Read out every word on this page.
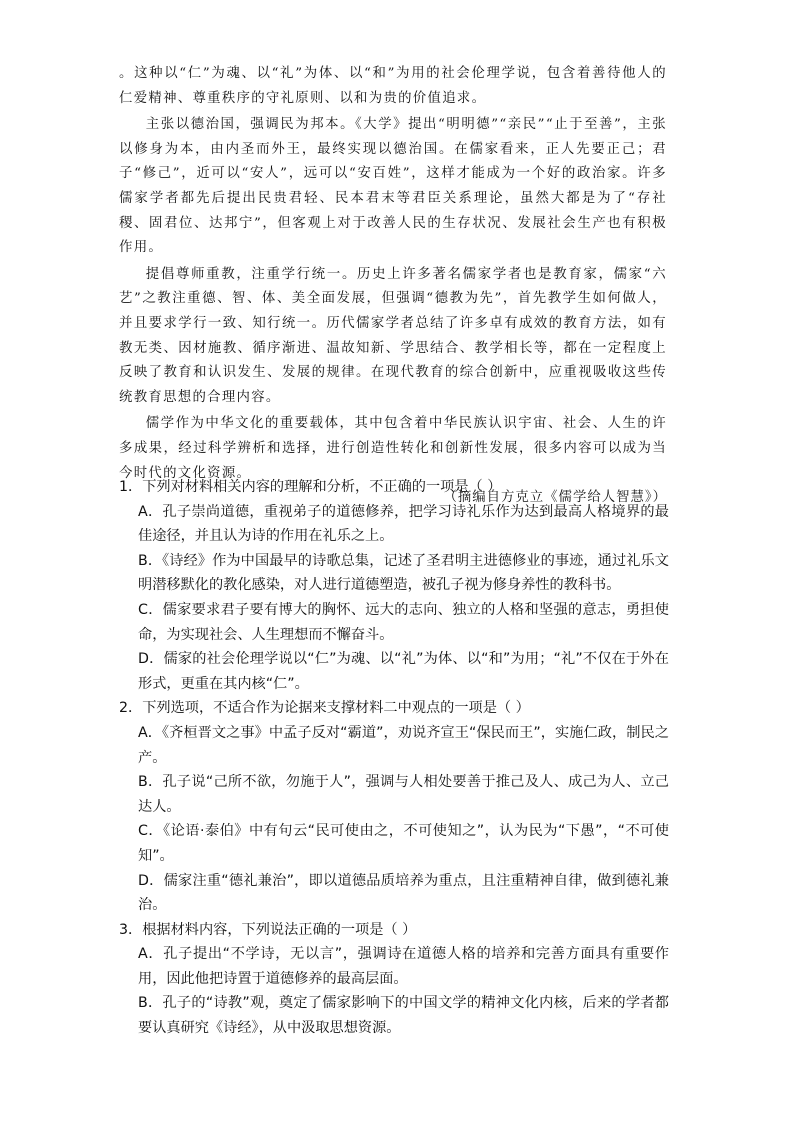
。这种以“仁”为魂、以“礼”为体、以“和”为用的社会伦理学说，包含着善待他人的仁爱精神、尊重秩序的守礼原则、以和为贵的价值追求。

主张以德治国，强调民为邦本。《大学》提出“明明德”“亲民”“止于至善”，主张以修身为本，由内圣而外王，最终实现以德治国。在儒家看来，正人先要正己；君子“修己”，近可以“安人”，远可以“安百姓”，这样才能成为一个好的政治家。许多儒家学者都先后提出民贵君轻、民本君末等君臣关系理论，虽然大都是为了“存社稷、固君位、达邦宁”，但客观上对于改善人民的生存状况、发展社会生产也有积极作用。

提倡尊师重教，注重学行统一。历史上许多著名儒家学者也是教育家，儒家“六艺”之教注重德、智、体、美全面发展，但强调“德教为先”，首先教学生如何做人，并且要求学行一致、知行统一。历代儒家学者总结了许多卓有成效的教育方法，如有教无类、因材施教、循序渐进、温故知新、学思结合、教学相长等，都在一定程度上反映了教育和认识发生、发展的规律。在现代教育的综合创新中，应重视吸收这些传统教育思想的合理内容。

儒学作为中华文化的重要载体，其中包含着中华民族认识宇宙、社会、人生的许多成果，经过科学辨析和选择，进行创造性转化和创新性发展，很多内容可以成为当今时代的文化资源。

（摘编自方克立《儒学给人智慧》）

1．下列对材料相关内容的理解和分析，不正确的一项是（ ）

A．孔子崇尚道德，重视弟子的道德修养，把学习诗礼乐作为达到最高人格境界的最佳途径，并且认为诗的作用在礼乐之上。

B．《诗经》作为中国最早的诗歌总集，记述了圣君明主进德修业的事迹，通过礼乐文明潜移默化的教化感染，对人进行道德塑造，被孔子视为修身养性的教科书。

C．儒家要求君子要有博大的胸怀、远大的志向、独立的人格和坚强的意志，勇担使命，为实现社会、人生理想而不懈奋斗。

D．儒家的社会伦理学说以“仁”为魂、以“礼”为体、以“和”为用；“礼”不仅在于外在形式，更重在其内核“仁”。

2．下列选项，不适合作为论据来支撑材料二中观点的一项是（ ）

A．《齐桓晋文之事》中孟子反对“霸道”，劝说齐宣王“保民而王”，实施仁政，制民之产。

B．孔子说“己所不欲，勿施于人”，强调与人相处要善于推己及人、成己为人、立己达人。

C．《论语·泰伯》中有句云“民可使由之，不可使知之”，认为民为“下愚”，“不可使知”。

D．儒家注重“德礼兼治”，即以道德品质培养为重点，且注重精神自律，做到德礼兼治。

3．根据材料内容，下列说法正确的一项是（ ）

A．孔子提出“不学诗，无以言”，强调诗在道德人格的培养和完善方面具有重要作用，因此他把诗置于道德修养的最高层面。

B．孔子的“诗教”观，奠定了儒家影响下的中国文学的精神文化内核，后来的学者都要认真研究《诗经》，从中汲取思想资源。
